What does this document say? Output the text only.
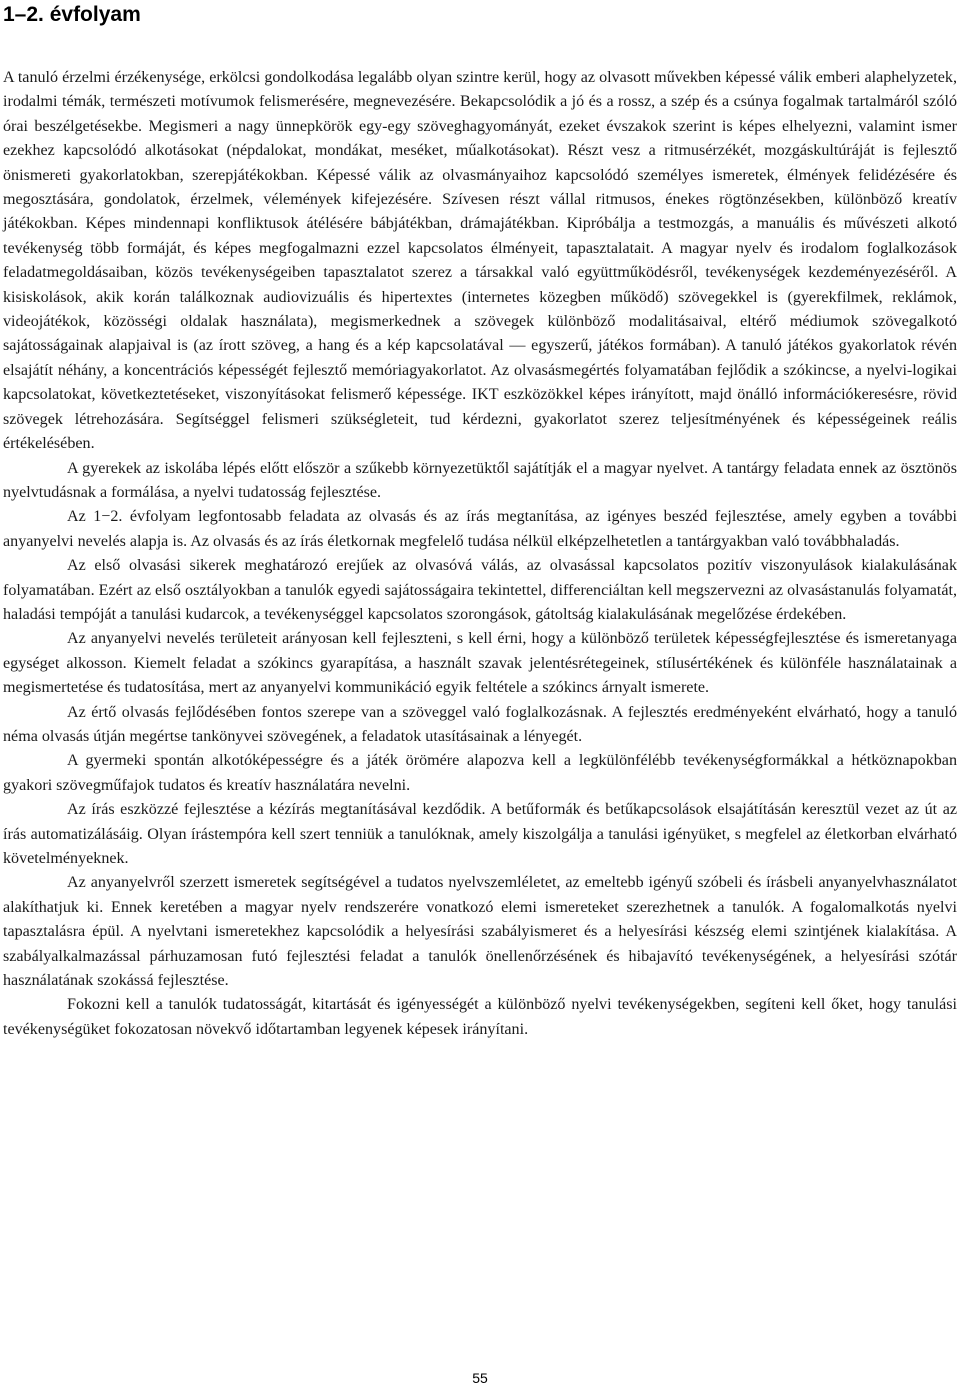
1–2. évfolyam

A tanuló érzelmi érzékenysége, erkölcsi gondolkodása legalább olyan szintre kerül, hogy az olvasott művekben képessé válik emberi alaphelyzetek, irodalmi témák, természeti motívumok felismerésére, megnevezésére. Bekapcsolódik a jó és a rossz, a szép és a csúnya fogalmak tartalmáról szóló órai beszélgetésekbe. Megismeri a nagy ünnepkörök egy-egy szöveghagyományát, ezeket évszakok szerint is képes elhelyezni, valamint ismer ezekhez kapcsolódó alkotásokat (népdalokat, mondákat, meséket, műalkotásokat). Részt vesz a ritmusérzékét, mozgáskultúráját is fejlesztő önismereti gyakorlatokban, szerepjátékokban. Képessé válik az olvasmányaihoz kapcsolódó személyes ismeretek, élmények felidézésére és megosztására, gondolatok, érzelmek, vélemények kifejezésére. Szívesen részt vállal ritmusos, énekes rögtönzésekben, különböző kreatív játékokban. Képes mindennapi konfliktusok átélésére bábjátékban, drámajátékban. Kipróbálja a testmozgás, a manuális és művészeti alkotó tevékenység több formáját, és képes megfogalmazni ezzel kapcsolatos élményeit, tapasztalatait. A magyar nyelv és irodalom foglalkozások feladatmegoldásaiban, közös tevékenységeiben tapasztalatot szerez a társakkal való együttműködésről, tevékenységek kezdeményezéséről. A kisiskolások, akik korán találkoznak audiovizuális és hipertextes (internetes közegben működő) szövegekkel is (gyerekfilmek, reklámok, videojátékok, közösségi oldalak használata), megismerkednek a szövegek különböző modalitásaival, eltérő médiumok szövegalkotó sajátosságainak alapjaival is (az írott szöveg, a hang és a kép kapcsolatával — egyszerű, játékos formában). A tanuló játékos gyakorlatok révén elsajátít néhány, a koncentrációs képességét fejlesztő memóriagyakorlatot. Az olvasásmegértés folyamatában fejlődik a szókincse, a nyelvi-logikai kapcsolatokat, következtetéseket, viszonyításokat felismerő képessége. IKT eszközökkel képes irányított, majd önálló információkeresésre, rövid szövegek létrehozására. Segítséggel felismeri szükségleteit, tud kérdezni, gyakorlatot szerez teljesítményének és képességeinek reális értékelésében.

A gyerekek az iskolába lépés előtt először a szűkebb környezetüktől sajátítják el a magyar nyelvet. A tantárgy feladata ennek az ösztönös nyelvtudásnak a formálása, a nyelvi tudatosság fejlesztése.

Az 1−2. évfolyam legfontosabb feladata az olvasás és az írás megtanítása, az igényes beszéd fejlesztése, amely egyben a további anyanyelvi nevelés alapja is. Az olvasás és az írás életkornak megfelelő tudása nélkül elképzelhetetlen a tantárgyakban való továbbhaladás.

Az első olvasási sikerek meghatározó erejűek az olvasóvá válás, az olvasással kapcsolatos pozitív viszonyulások kialakulásának folyamatában. Ezért az első osztályokban a tanulók egyedi sajátosságaira tekintettel, differenciáltan kell megszervezni az olvasástanulás folyamatát, haladási tempóját a tanulási kudarcok, a tevékenységgel kapcsolatos szorongások, gátoltság kialakulásának megelőzése érdekében.

Az anyanyelvi nevelés területeit arányosan kell fejleszteni, s kell érni, hogy a különböző területek képességfejlesztése és ismeretanyaga egységet alkosson. Kiemelt feladat a szókincs gyarapítása, a használt szavak jelentésrétegeinek, stílusértékének és különféle használatainak a megismertetése és tudatosítása, mert az anyanyelvi kommunikáció egyik feltétele a szókincs árnyalt ismerete.

Az értő olvasás fejlődésében fontos szerepe van a szöveggel való foglalkozásnak. A fejlesztés eredményeként elvárható, hogy a tanuló néma olvasás útján megértse tankönyvei szövegének, a feladatok utasításainak a lényegét.

A gyermeki spontán alkotóképességre és a játék örömére alapozva kell a legkülönfélébb tevékenységformákkal a hétköznapokban gyakori szövegműfajok tudatos és kreatív használatára nevelni.

Az írás eszközzé fejlesztése a kézírás megtanításával kezdődik. A betűformák és betűkapcsolások elsajátításán keresztül vezet az út az írás automatizálásáig. Olyan írástempóra kell szert tenniük a tanulóknak, amely kiszolgálja a tanulási igényüket, s megfelel az életkorban elvárható követelményeknek.

Az anyanyelvről szerzett ismeretek segítségével a tudatos nyelvszemléletet, az emeltebb igényű szóbeli és írásbeli anyanyelvhasználatot alakíthatjuk ki. Ennek keretében a magyar nyelv rendszerére vonatkozó elemi ismereteket szerezhetnek a tanulók. A fogalomalkotás nyelvi tapasztalásra épül. A nyelvtani ismeretekhez kapcsolódik a helyesírási szabályismeret és a helyesírási készség elemi szintjének kialakítása. A szabályalkalmazással párhuzamosan futó fejlesztési feladat a tanulók önellenőrzésének és hibajavító tevékenységének, a helyesírási szótár használatának szokássá fejlesztése.

Fokozni kell a tanulók tudatosságát, kitartását és igényességét a különböző nyelvi tevékenységekben, segíteni kell őket, hogy tanulási tevékenységüket fokozatosan növekvő időtartamban legyenek képesek irányítani.

55
